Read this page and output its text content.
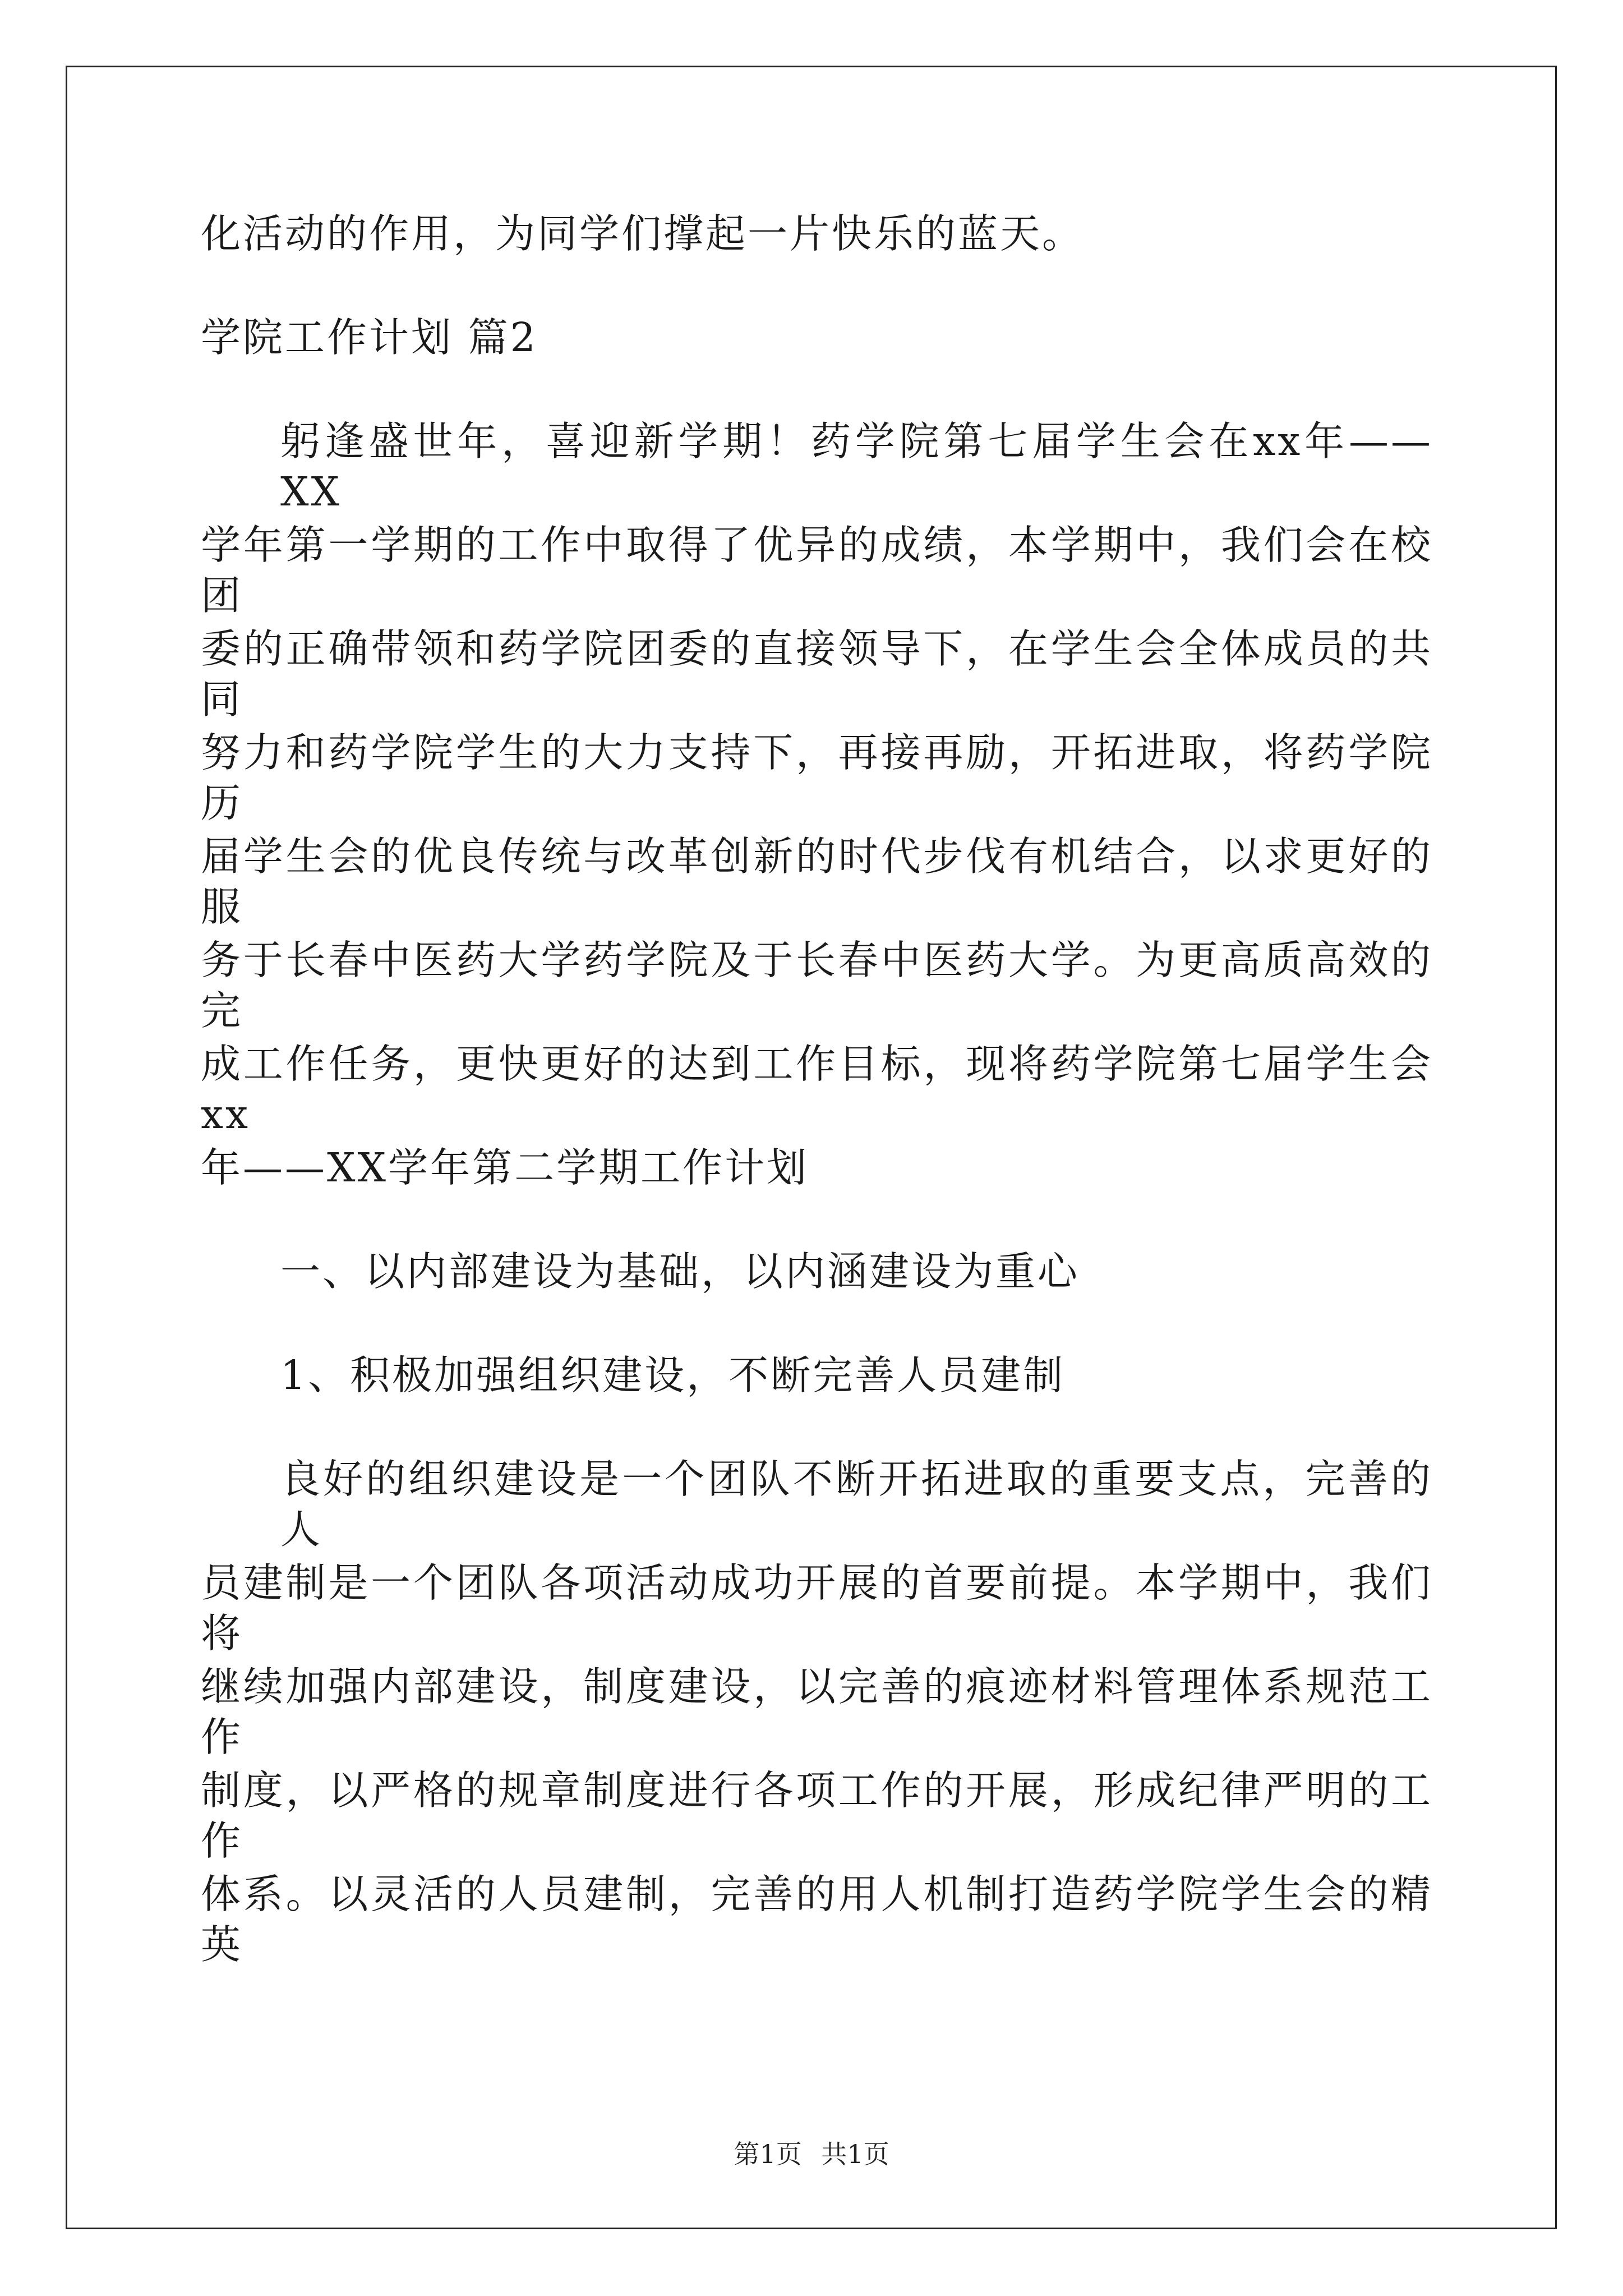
化活动的作用，为同学们撑起一片快乐的蓝天。
学院工作计划 篇2
躬逢盛世年，喜迎新学期！药学院第七届学生会在xx年——XX
学年第一学期的工作中取得了优异的成绩，本学期中，我们会在校团
委的正确带领和药学院团委的直接领导下，在学生会全体成员的共同
努力和药学院学生的大力支持下，再接再励，开拓进取，将药学院历
届学生会的优良传统与改革创新的时代步伐有机结合，以求更好的服
务于长春中医药大学药学院及于长春中医药大学。为更高质高效的完
成工作任务，更快更好的达到工作目标，现将药学院第七届学生会xx
年——XX学年第二学期工作计划
一、以内部建设为基础，以内涵建设为重心
1、积极加强组织建设，不断完善人员建制
良好的组织建设是一个团队不断开拓进取的重要支点，完善的人
员建制是一个团队各项活动成功开展的首要前提。本学期中，我们将
继续加强内部建设，制度建设，以完善的痕迹材料管理体系规范工作
制度，以严格的规章制度进行各项工作的开展，形成纪律严明的工作
体系。以灵活的人员建制，完善的用人机制打造药学院学生会的精英
第1页 共1页
